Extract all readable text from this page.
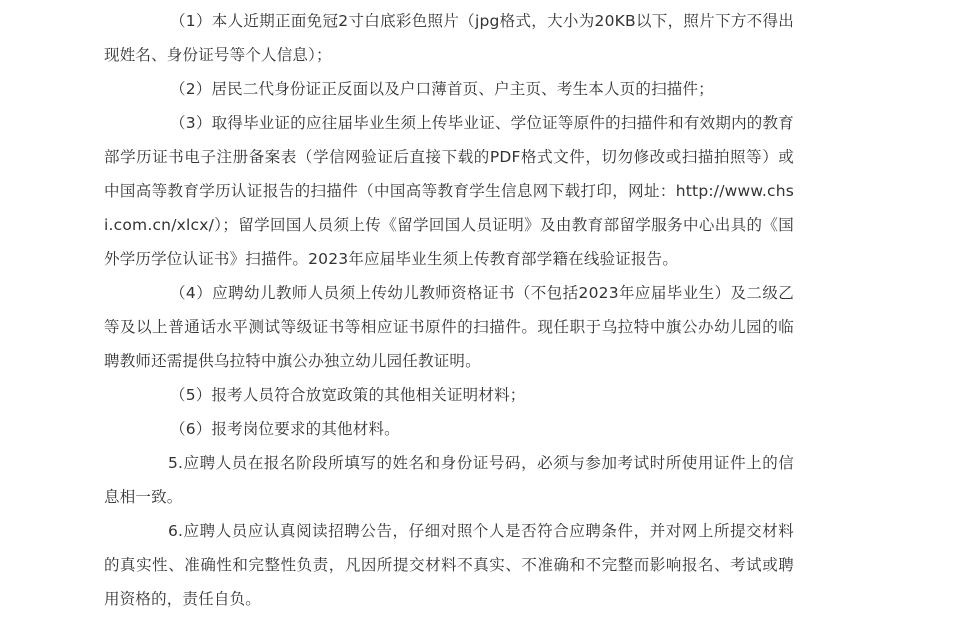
（1）本人近期正面免冠2寸白底彩色照片（jpg格式，大小为20KB以下，照片下方不得出现姓名、身份证号等个人信息）；

（2）居民二代身份证正反面以及户口薄首页、户主页、考生本人页的扫描件；

（3）取得毕业证的应往届毕业生须上传毕业证、学位证等原件的扫描件和有效期内的教育部学历证书电子注册备案表（学信网验证后直接下载的PDF格式文件，切勿修改或扫描拍照等）或中国高等教育学历认证报告的扫描件（中国高等教育学生信息网下载打印，网址：http://www.chsi.com.cn/xlcx/）；留学回国人员须上传《留学回国人员证明》及由教育部留学服务中心出具的《国外学历学位认证书》扫描件。2023年应届毕业生须上传教育部学籍在线验证报告。

（4）应聘幼儿教师人员须上传幼儿教师资格证书（不包括2023年应届毕业生）及二级乙等及以上普通话水平测试等级证书等相应证书原件的扫描件。现任职于乌拉特中旗公办幼儿园的临聘教师还需提供乌拉特中旗公办独立幼儿园任教证明。

（5）报考人员符合放宽政策的其他相关证明材料；

（6）报考岗位要求的其他材料。

5.应聘人员在报名阶段所填写的姓名和身份证号码，必须与参加考试时所使用证件上的信息相一致。

6.应聘人员应认真阅读招聘公告，仔细对照个人是否符合应聘条件，并对网上所提交材料的真实性、准确性和完整性负责，凡因所提交材料不真实、不准确和不完整而影响报名、考试或聘用资格的，责任自负。
